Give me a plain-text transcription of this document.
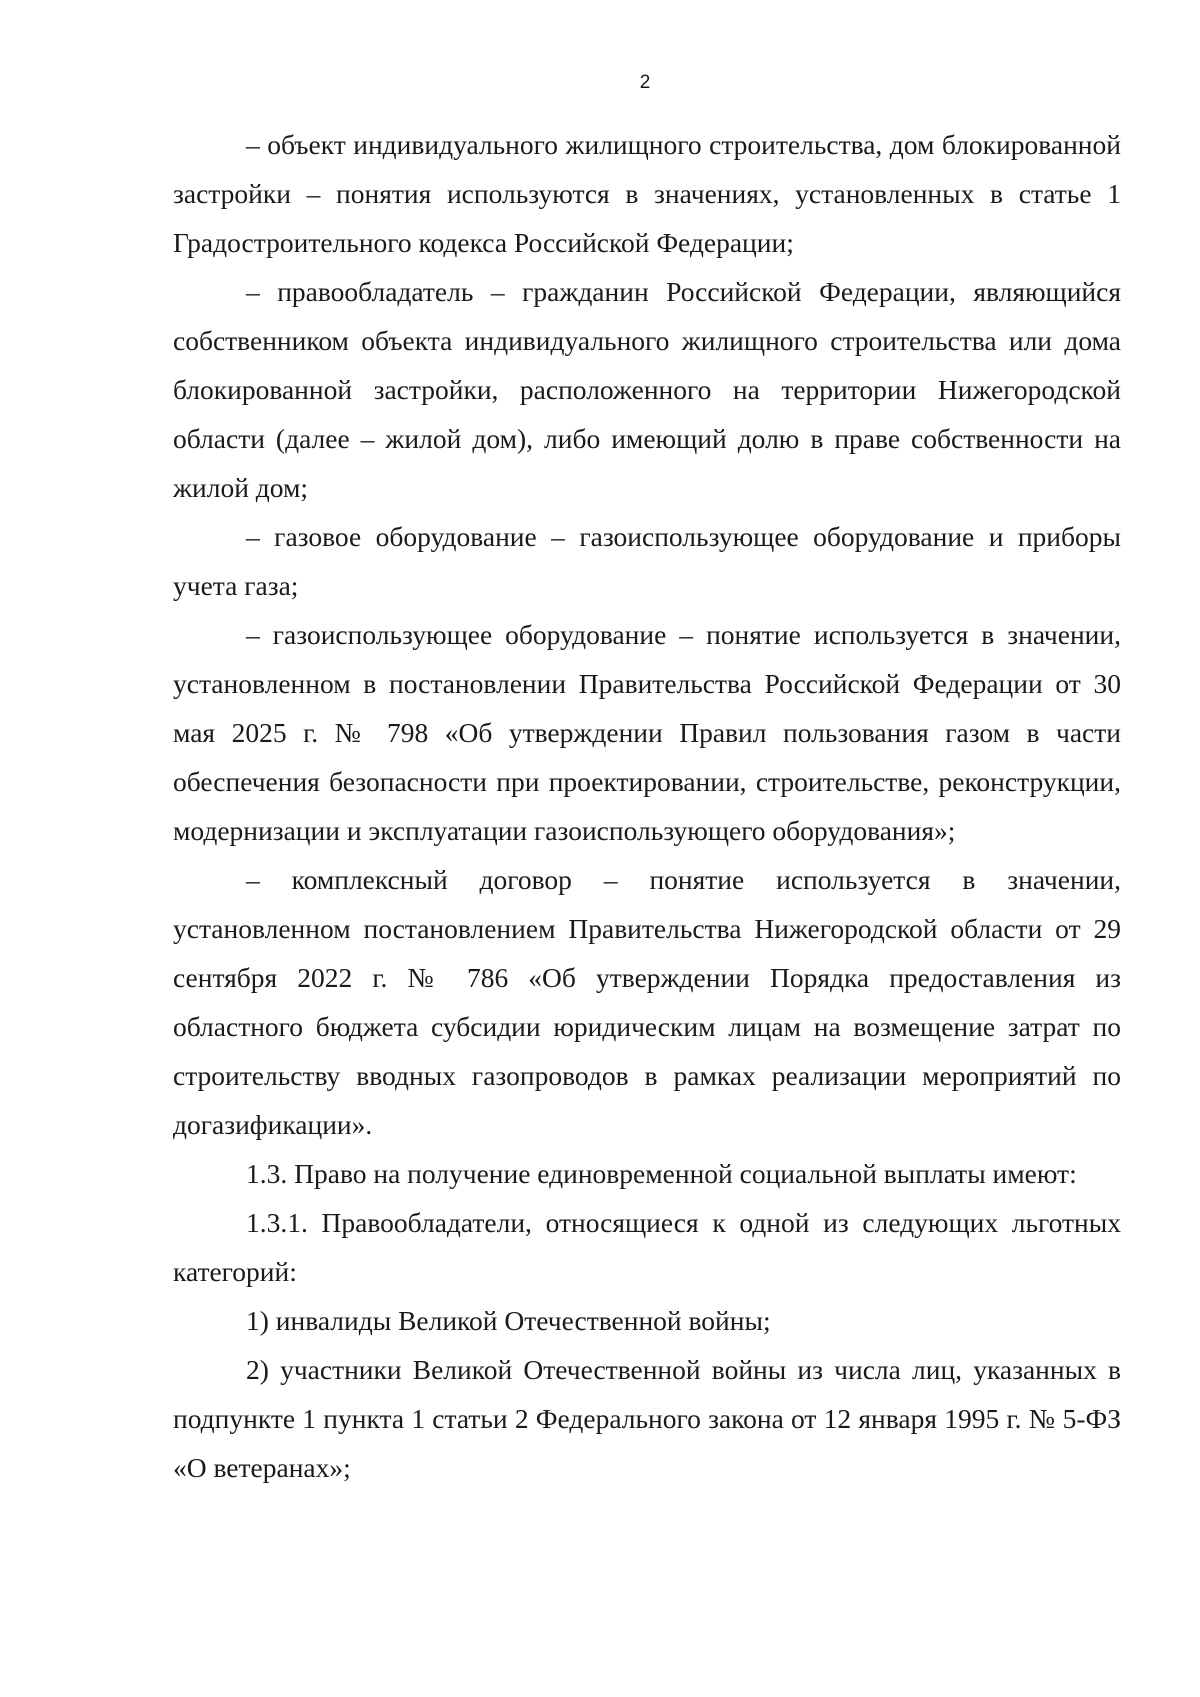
2

– объект индивидуального жилищного строительства, дом блокированной застройки – понятия используются в значениях, установленных в статье 1 Градостроительного кодекса Российской Федерации;

– правообладатель – гражданин Российской Федерации, являющийся собственником объекта индивидуального жилищного строительства или дома блокированной застройки, расположенного на территории Нижегородской области (далее – жилой дом), либо имеющий долю в праве собственности на жилой дом;

– газовое оборудование – газоиспользующее оборудование и приборы учета газа;

– газоиспользующее оборудование – понятие используется в значении, установленном в постановлении Правительства Российской Федерации от 30 мая 2025 г. № 798 «Об утверждении Правил пользования газом в части обеспечения безопасности при проектировании, строительстве, реконструкции, модернизации и эксплуатации газоиспользующего оборудования»;

– комплексный договор – понятие используется в значении, установленном постановлением Правительства Нижегородской области от 29 сентября 2022 г. № 786 «Об утверждении Порядка предоставления из областного бюджета субсидии юридическим лицам на возмещение затрат по строительству вводных газопроводов в рамках реализации мероприятий по догазификации».

1.3. Право на получение единовременной социальной выплаты имеют:

1.3.1. Правообладатели, относящиеся к одной из следующих льготных категорий:

1) инвалиды Великой Отечественной войны;

2) участники Великой Отечественной войны из числа лиц, указанных в подпункте 1 пункта 1 статьи 2 Федерального закона от 12 января 1995 г. № 5-ФЗ «О ветеранах»;
